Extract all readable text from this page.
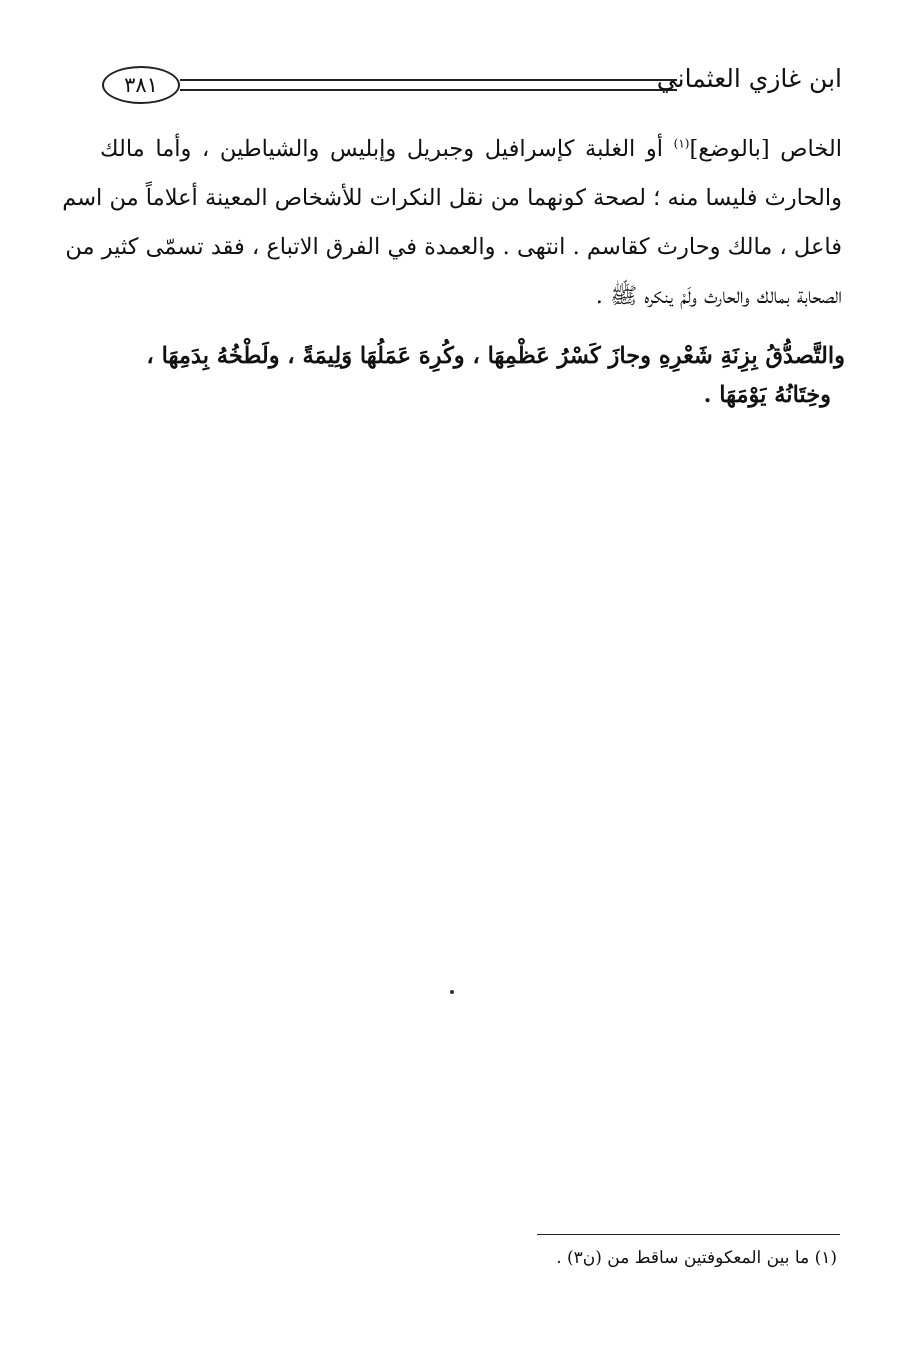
٣٨١	ابن غازي العثماني
الخاص [بالوضع]$^{(١)}$ أو الغلبة كإسرافيل وجبريل وإبليس والشياطين ، وأما مالك
والحارث فليسا منه ؛ لصحة كونهما من نقل النكرات للأشخاص المعينة أعلاماً من اسم
فاعل ، مالك وحارث كقاسم . انتهى . والعمدة في الفرق الاتباع ، فقد تسمّى كثير من
الصحابة بمالك والحارث ولَمْ ينكره ﷺ .
والتَّصدُّقُ بِزِنَةِ شَعْرِهِ وجازَ كَسْرُ عَظْمِهَا ، وكُرِهَ عَمَلُهَا وَلِيمَةً ، ولَطْخُهُ بِدَمِهَا ،
وخِتَانُهُ يَوْمَهَا .
(١) ما بين المعكوفتين ساقط من (ن٣) .
